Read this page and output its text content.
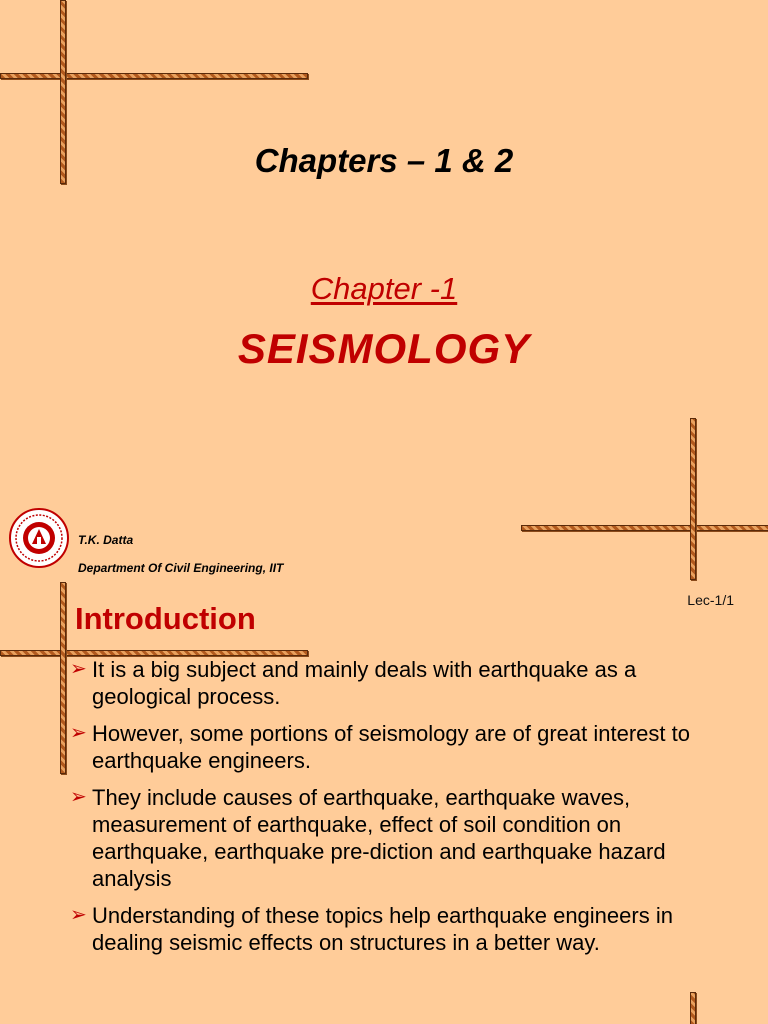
Chapters – 1 & 2
Chapter -1
SEISMOLOGY
T.K. Datta
Department Of Civil Engineering, IIT
Lec-1/1
Introduction
➢ It is a big subject and mainly deals with earthquake as a geological process.
➢ However, some portions of seismology are of great interest to earthquake engineers.
➢ They include causes of earthquake, earthquake waves, measurement of earthquake, effect of soil condition on earthquake, earthquake pre-diction and earthquake hazard analysis
➢ Understanding of these topics help earthquake engineers in dealing seismic effects on structures in a better way.
